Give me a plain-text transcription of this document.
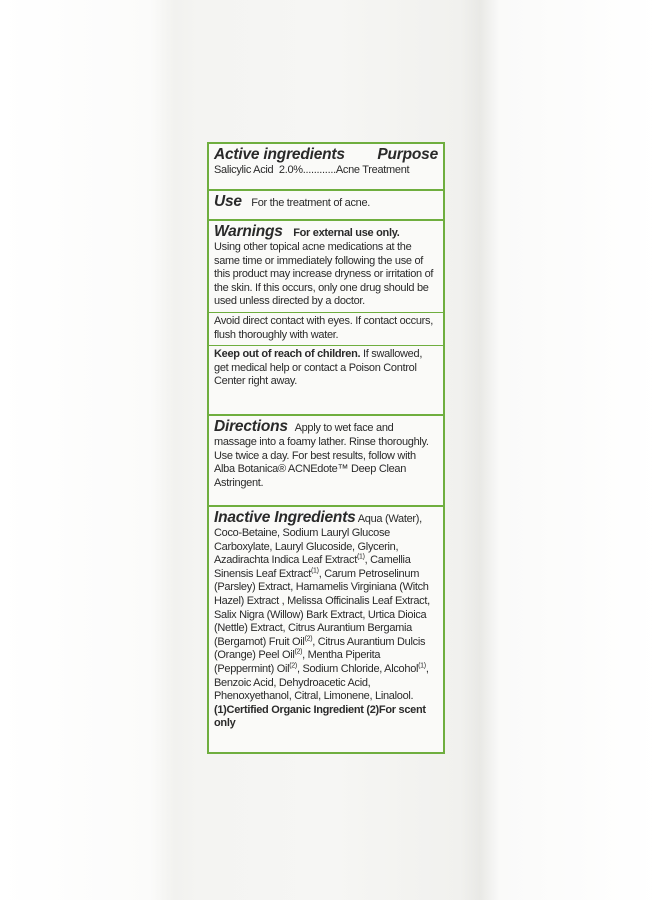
Active ingredients Purpose
Salicylic Acid  2.0%............Acne Treatment
Use For the treatment of acne.
Warnings For external use only.
Using other topical acne medications at the same time or immediately following the use of this product may increase dryness or irritation of the skin. If this occurs, only one drug should be used unless directed by a doctor.
Avoid direct contact with eyes. If contact occurs, flush thoroughly with water.
Keep out of reach of children. If swallowed, get medical help or contact a Poison Control Center right away.
Directions Apply to wet face and massage into a foamy lather. Rinse thoroughly. Use twice a day. For best results, follow with Alba Botanica® ACNEdote™ Deep Clean Astringent.
Inactive Ingredients Aqua (Water), Coco-Betaine, Sodium Lauryl Glucose Carboxylate, Lauryl Glucoside, Glycerin, Azadirachta Indica Leaf Extract$^{(1)}$, Camellia Sinensis Leaf Extract$^{(1)}$, Carum Petroselinum (Parsley) Extract, Hamamelis Virginiana (Witch Hazel) Extract , Melissa Officinalis Leaf Extract, Salix Nigra (Willow) Bark Extract, Urtica Dioica (Nettle) Extract, Citrus Aurantium Bergamia (Bergamot) Fruit Oil$^{(2)}$, Citrus Aurantium Dulcis (Orange) Peel Oil$^{(2)}$, Mentha Piperita (Peppermint) Oil$^{(2)}$, Sodium Chloride, Alcohol$^{(1)}$, Benzoic Acid, Dehydroacetic Acid, Phenoxyethanol, Citral, Limonene, Linalool. (1)Certified Organic Ingredient (2)For scent only
